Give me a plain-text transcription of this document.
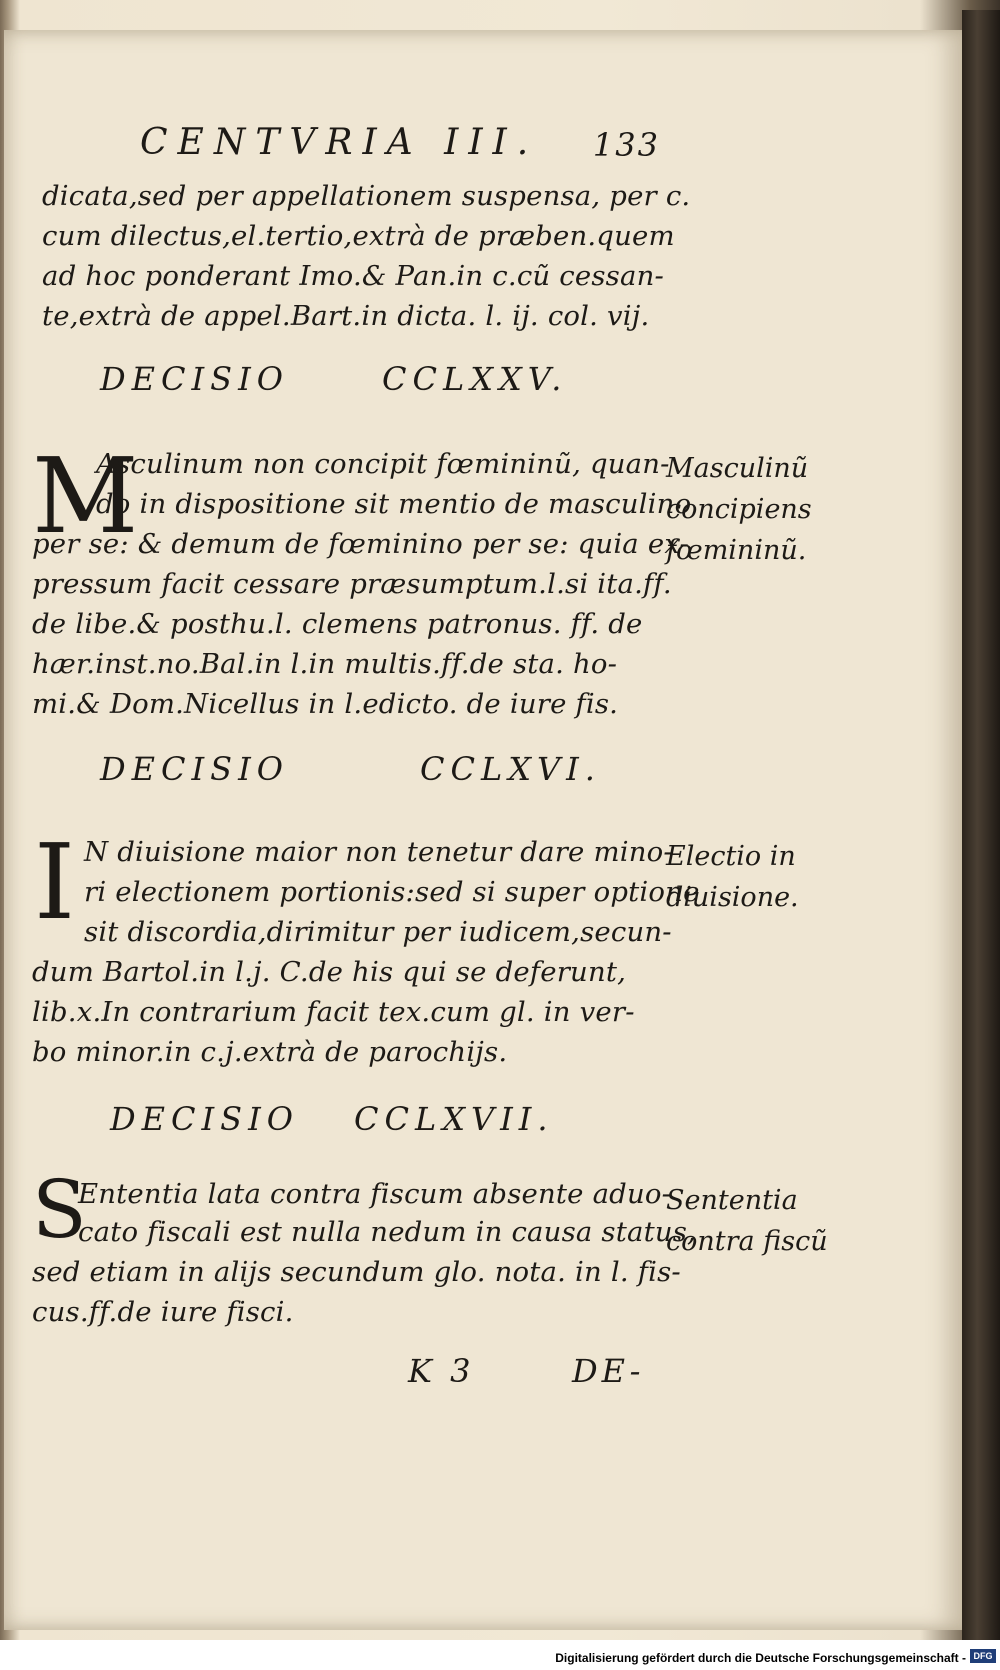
CENTVRIA III. 133
dicata,sed per appellationem suspensa, per c.
cum dilectus,el.tertio,extrà de præben.quem
ad hoc ponderant Imo.& Pan.in c.cũ cessan-
te,extrà de appel.Bart.in dicta. l. ij. col. vij.
DECISIO	CCLXXV.
M
Asculinum non concipit fœmininũ, quan-
do in dispositione sit mentio de masculino
per se: & demum de fœminino per se: quia ex-
pressum facit cessare præsumptum.l.si ita.ff.
de libe.& posthu.l. clemens patronus. ff. de
hær.inst.no.Bal.in l.in multis.ff.de sta. ho-
mi.& Dom.Nicellus in l.edicto. de iure fis.
Masculinũ
concipiens
fœmininũ.
DECISIO	CCLXVI.
I N diuisione maior non tenetur dare mino-
ri electionem portionis:sed si super optione
sit discordia,dirimitur per iudicem,secun-
dum Bartol.in l.j. C.de his qui se deferunt,
lib.x.In contrarium facit tex.cum gl. in ver-
bo minor.in c.j.extrà de parochijs.
Electio in
diuisione.
DECISIO CCLXVII.
S
Ententia lata contra fiscum absente aduo-
cato fiscali est nulla nedum in causa status,
sed etiam in alijs secundum glo. nota. in l. fis-
cus.ff.de iure fisci.
Sententia
contra fiscũ
K 3	DE-
Digitalisierung gefördert durch die Deutsche Forschungsgemeinschaft - DFG
